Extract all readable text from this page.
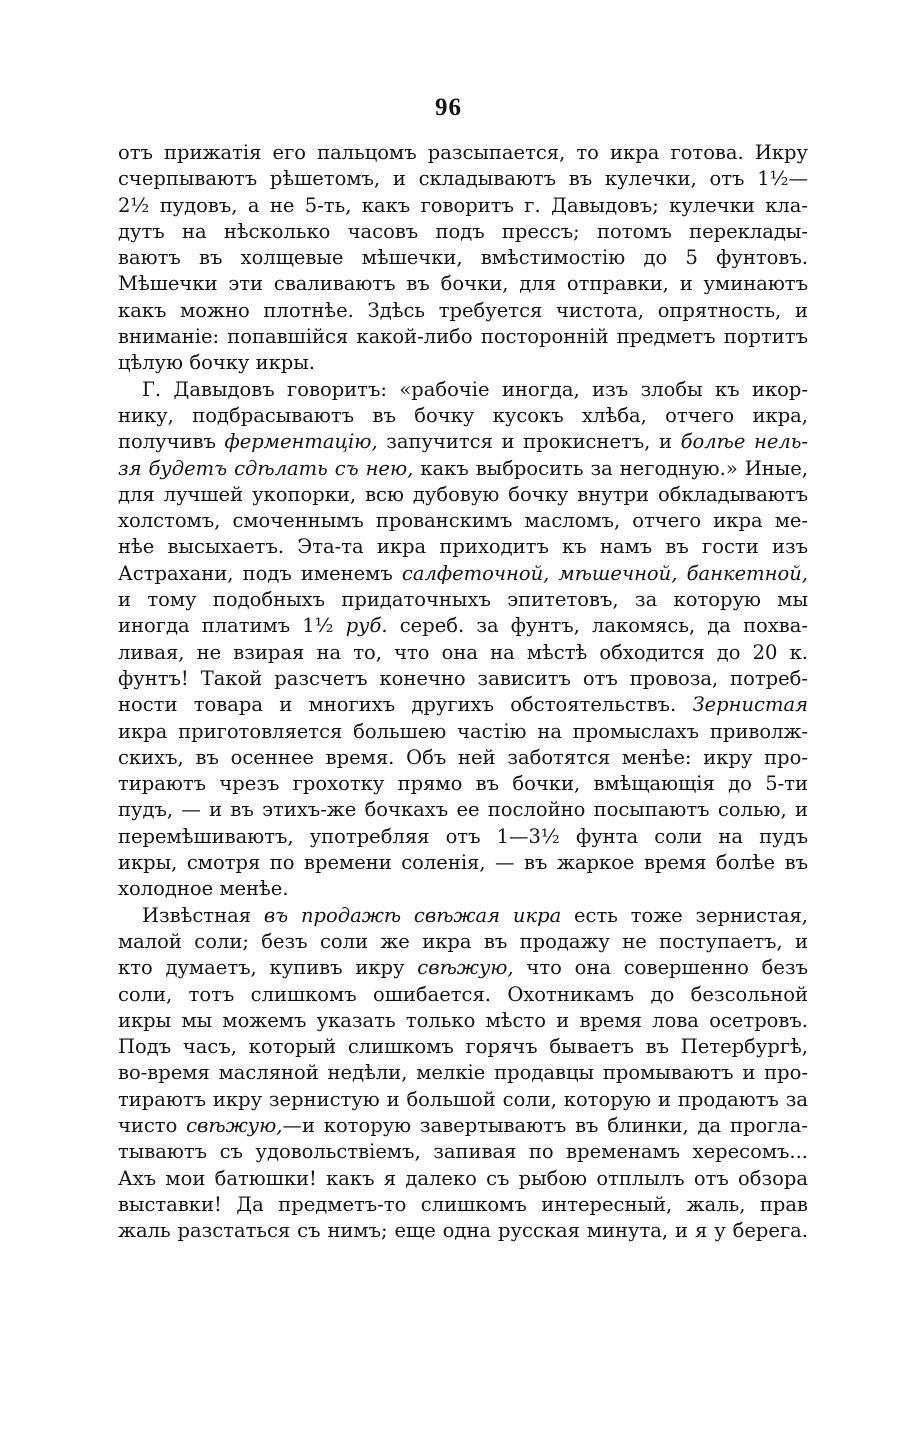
96
отъ прижатія его пальцомъ разсыпается, то икра готова. Икру
счерпываютъ рѣшетомъ, и складываютъ въ кулечки, отъ 1½—
2½ пудовъ, а не 5-ть, какъ говоритъ г. Давыдовъ; кулечки кла-
дутъ на нѣсколько часовъ подъ прессъ; потомъ переклады-
ваютъ въ холщевые мѣшечки, вмѣстимостію до 5 фунтовъ.
Мѣшечки эти сваливаютъ въ бочки, для отправки, и уминаютъ
какъ можно плотнѣе. Здѣсь требуется чистота, опрятность, и
вниманіе: попавшійся какой-либо посторонній предметъ портитъ
цѣлую бочку икры.
Г. Давыдовъ говоритъ: «рабочіе иногда, изъ злобы къ икор-
нику, подбрасываютъ въ бочку кусокъ хлѣба, отчего икра,
получивъ ферментацію, запучится и прокиснетъ, и болѣе нель-
зя будетъ сдѣлать съ нею, какъ выбросить за негодную.» Иные,
для лучшей укопорки, всю дубовую бочку внутри обкладываютъ
холстомъ, смоченнымъ прованскимъ масломъ, отчего икра ме-
нѣе высыхаетъ. Эта-та икра приходитъ къ намъ въ гости изъ
Астрахани, подъ именемъ салфеточной, мѣшечной, банкетной,
и тому подобныхъ придаточныхъ эпитетовъ, за которую мы
иногда платимъ 1½ руб. сереб. за фунтъ, лакомясь, да похва-
ливая, не взирая на то, что она на мѣстѣ обходится до 20 к.
фунтъ! Такой разсчетъ конечно зависитъ отъ провоза, потреб-
ности товара и многихъ другихъ обстоятельствъ. Зернистая
икра приготовляется большею частію на промыслахъ приволж-
скихъ, въ осеннее время. Объ ней заботятся менѣе: икру про-
тираютъ чрезъ грохотку прямо въ бочки, вмѣщающія до 5-ти
пудъ, — и въ этихъ-же бочкахъ ее послойно посыпаютъ солью, и
перемѣшиваютъ, употребляя отъ 1—3½ фунта соли на пудъ
икры, смотря по времени соленія, — въ жаркое время болѣе въ
холодное менѣе.
Извѣстная въ продажѣ свѣжая икра есть тоже зернистая,
малой соли; безъ соли же икра въ продажу не поступаетъ, и
кто думаетъ, купивъ икру свѣжую, что она совершенно безъ
соли, тотъ слишкомъ ошибается. Охотникамъ до безсольной
икры мы можемъ указать только мѣсто и время лова осетровъ.
Подъ часъ, который слишкомъ горячъ бываетъ въ Петербургѣ,
во-время масляной недѣли, мелкіе продавцы промываютъ и про-
тираютъ икру зернистую и большой соли, которую и продаютъ за
чисто свѣжую,—и которую завертываютъ въ блинки, да прогла-
тываютъ съ удовольствіемъ, запивая по временамъ хересомъ...
Ахъ мои батюшки! какъ я далеко съ рыбою отплылъ отъ обзора
выставки! Да предметъ-то слишкомъ интересный, жаль, прав
жаль разстаться съ нимъ; еще одна русская минута, и я у берега.
